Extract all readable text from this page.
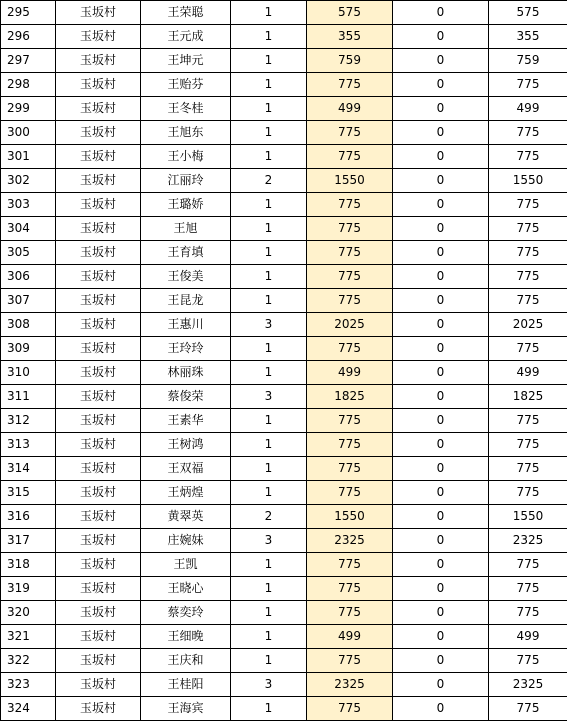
295	玉坂村	王荣聪	1	575	0	575
296	玉坂村	王元成	1	355	0	355
297	玉坂村	王坤元	1	759	0	759
298	玉坂村	王贻芬	1	775	0	775
299	玉坂村	王冬桂	1	499	0	499
300	玉坂村	王旭东	1	775	0	775
301	玉坂村	王小梅	1	775	0	775
302	玉坂村	江丽玲	2	1550	0	1550
303	玉坂村	王璐娇	1	775	0	775
304	玉坂村	王旭	1	775	0	775
305	玉坂村	王育填	1	775	0	775
306	玉坂村	王俊美	1	775	0	775
307	玉坂村	王昆龙	1	775	0	775
308	玉坂村	王惠川	3	2025	0	2025
309	玉坂村	王玲玲	1	775	0	775
310	玉坂村	林丽珠	1	499	0	499
311	玉坂村	蔡俊荣	3	1825	0	1825
312	玉坂村	王素华	1	775	0	775
313	玉坂村	王树鸿	1	775	0	775
314	玉坂村	王双福	1	775	0	775
315	玉坂村	王炳煌	1	775	0	775
316	玉坂村	黄翠英	2	1550	0	1550
317	玉坂村	庄婉妹	3	2325	0	2325
318	玉坂村	王凯	1	775	0	775
319	玉坂村	王晓心	1	775	0	775
320	玉坂村	蔡奕玲	1	775	0	775
321	玉坂村	王细晚	1	499	0	499
322	玉坂村	王庆和	1	775	0	775
323	玉坂村	王桂阳	3	2325	0	2325
324	玉坂村	王海宾	1	775	0	775
